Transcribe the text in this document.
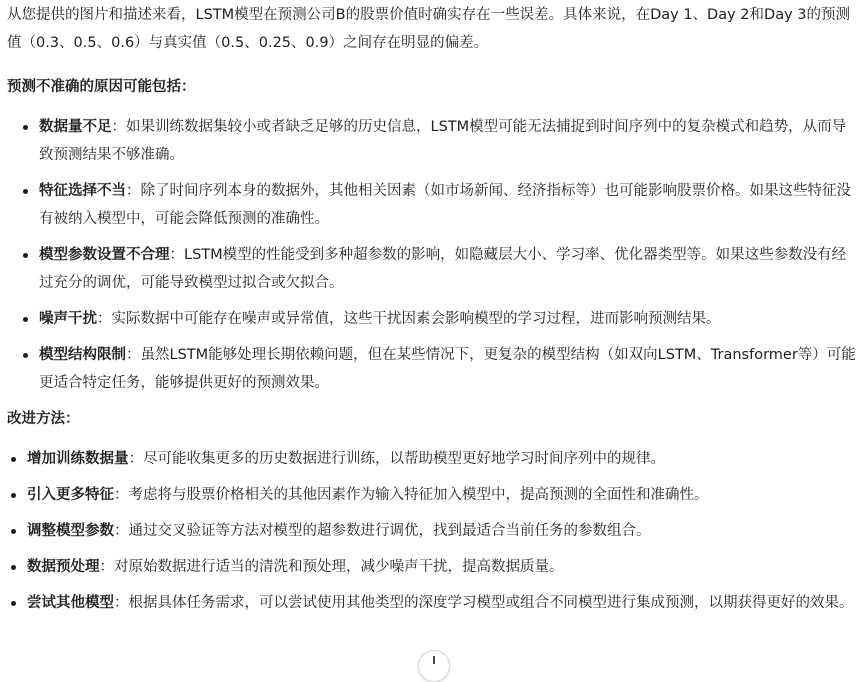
从您提供的图片和描述来看，LSTM模型在预测公司B的股票价值时确实存在一些误差。具体来说，在Day 1、Day 2和Day 3的预测值（0.3、0.5、0.6）与真实值（0.5、0.25、0.9）之间存在明显的偏差。

预测不准确的原因可能包括：

数据量不足：如果训练数据集较小或者缺乏足够的历史信息，LSTM模型可能无法捕捉到时间序列中的复杂模式和趋势，从而导致预测结果不够准确。
特征选择不当：除了时间序列本身的数据外，其他相关因素（如市场新闻、经济指标等）也可能影响股票价格。如果这些特征没有被纳入模型中，可能会降低预测的准确性。
模型参数设置不合理：LSTM模型的性能受到多种超参数的影响，如隐藏层大小、学习率、优化器类型等。如果这些参数没有经过充分的调优，可能导致模型过拟合或欠拟合。
噪声干扰：实际数据中可能存在噪声或异常值，这些干扰因素会影响模型的学习过程，进而影响预测结果。
模型结构限制：虽然LSTM能够处理长期依赖问题，但在某些情况下，更复杂的模型结构（如双向LSTM、Transformer等）可能更适合特定任务，能够提供更好的预测效果。

改进方法：

增加训练数据量：尽可能收集更多的历史数据进行训练，以帮助模型更好地学习时间序列中的规律。
引入更多特征：考虑将与股票价格相关的其他因素作为输入特征加入模型中，提高预测的全面性和准确性。
调整模型参数：通过交叉验证等方法对模型的超参数进行调优，找到最适合当前任务的参数组合。
数据预处理：对原始数据进行适当的清洗和预处理，减少噪声干扰，提高数据质量。
尝试其他模型：根据具体任务需求，可以尝试使用其他类型的深度学习模型或组合不同模型进行集成预测，以期获得更好的效果。
